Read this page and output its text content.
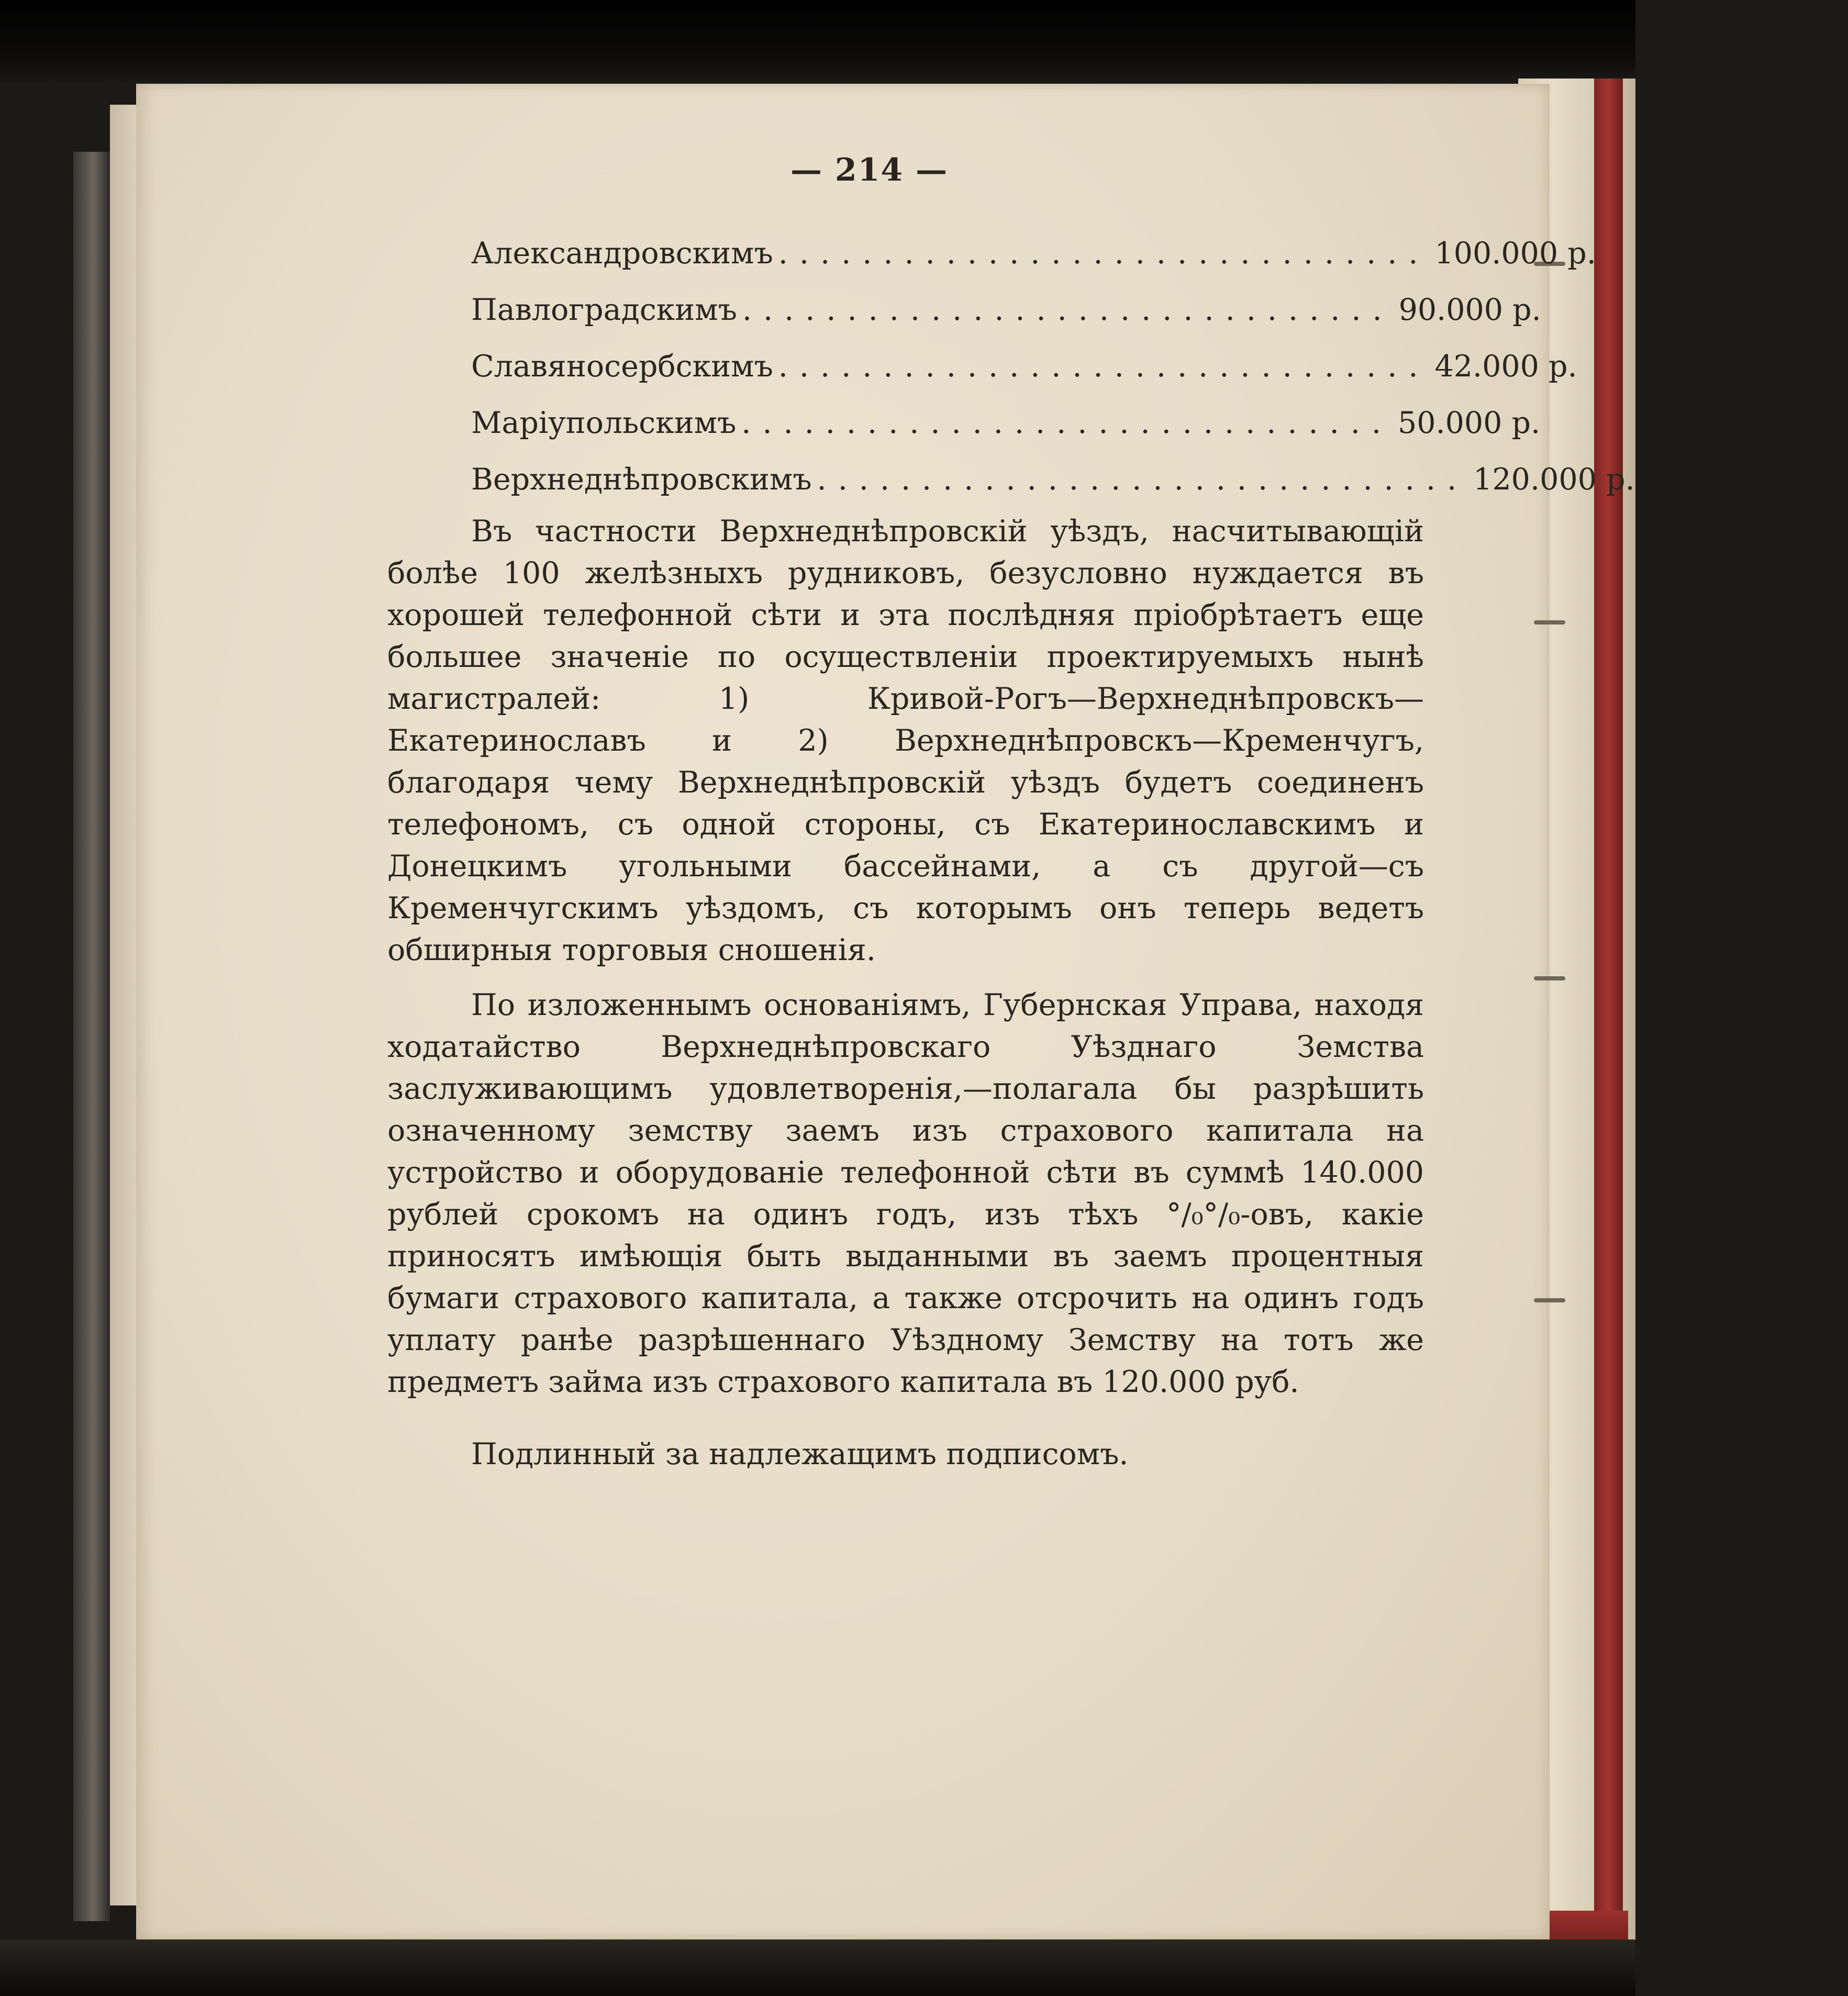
— 214 —
Александровскимъ ............................... 100.000 р.
Павлоградскимъ ............................... 90.000 р.
Славяносербскимъ ............................... 42.000 р.
Маріупольскимъ ............................... 50.000 р.
Верхнеднѣпровскимъ ............................... 120.000 р.

Въ частности Верхнеднѣпровскій уѣздъ, насчитывающій болѣе 100 желѣзныхъ рудниковъ, безусловно нуждается въ хорошей телефонной сѣти и эта послѣдняя пріобрѣтаетъ еще большее значеніе по осуществленіи проектируемыхъ нынѣ магистралей: 1) Кривой-Рогъ—Верхнеднѣпровскъ—Екатеринославъ и 2) Верхнеднѣпровскъ—Кременчугъ, благодаря чему Верхнеднѣпровскій уѣздъ будетъ соединенъ телефономъ, съ одной стороны, съ Екатеринославскимъ и Донецкимъ угольными бассейнами, а съ другой—съ Кременчугскимъ уѣздомъ, съ которымъ онъ теперь ведетъ обширныя торговыя сношенія.

По изложеннымъ основаніямъ, Губернская Управа, находя ходатайство Верхнеднѣпровскаго Уѣзднаго Земства заслуживающимъ удовлетворенія,—полагала бы разрѣшить означенному земству заемъ изъ страхового капитала на устройство и оборудованіе телефонной сѣти въ суммѣ 140.000 рублей срокомъ на одинъ годъ, изъ тѣхъ °/₀°/₀-овъ, какіе приносятъ имѣющія быть выданными въ заемъ процентныя бумаги страхового капитала, а также отсрочить на одинъ годъ уплату ранѣе разрѣшеннаго Уѣздному Земству на тотъ же предметъ займа изъ страхового капитала въ 120.000 руб.

Подлинный за надлежащимъ подписомъ.
